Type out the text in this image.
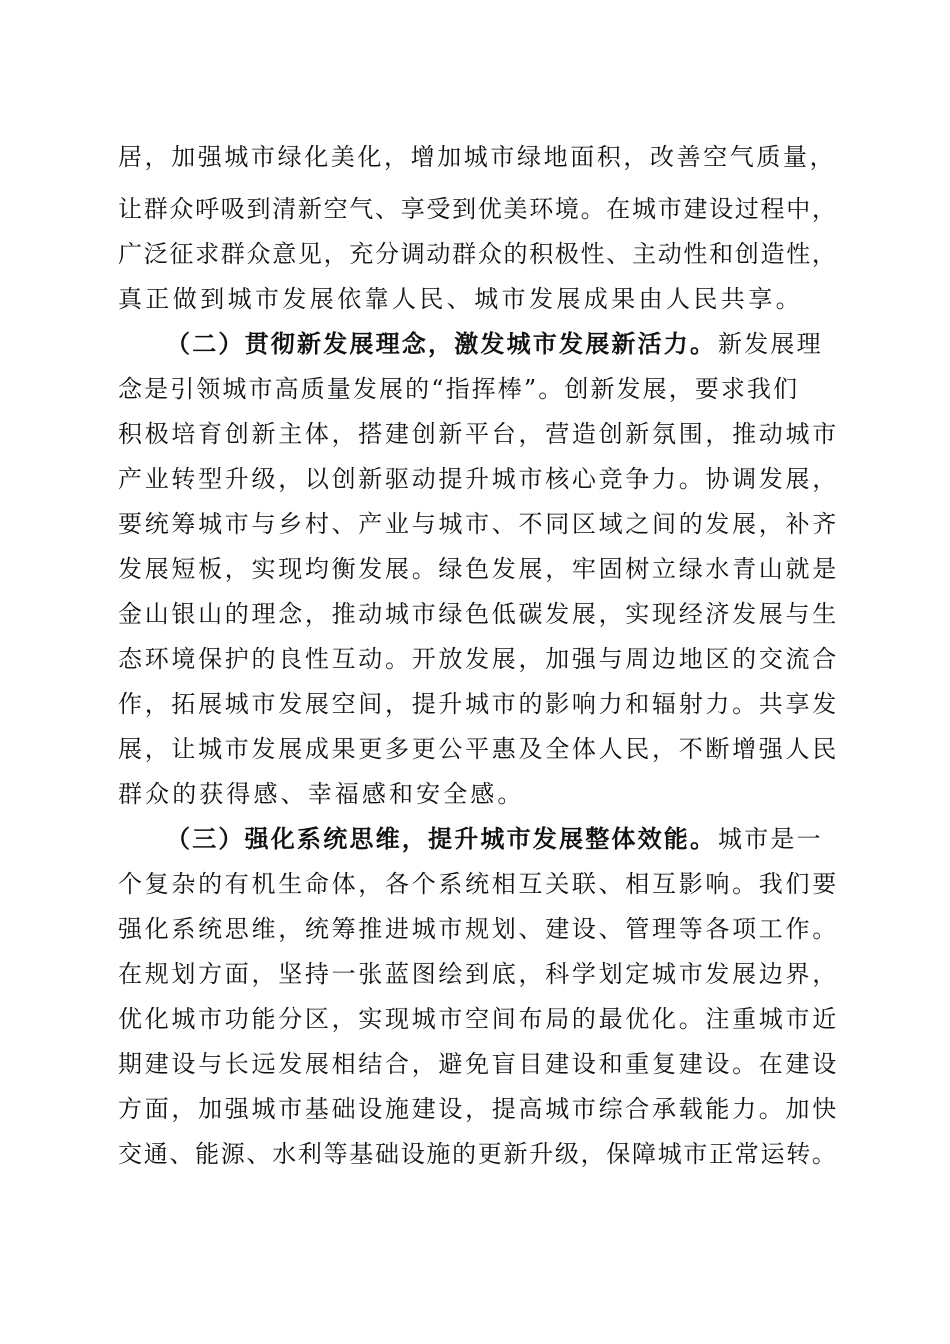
居，加强城市绿化美化，增加城市绿地面积，改善空气质量，
让群众呼吸到清新空气、享受到优美环境。在城市建设过程中，
广泛征求群众意见，充分调动群众的积极性、主动性和创造性，
真正做到城市发展依靠人民、城市发展成果由人民共享。
（二）贯彻新发展理念，激发城市发展新活力。 新发展理
念是引领城市高质量发展的“指挥棒”。创新发展，要求我们
积极培育创新主体，搭建创新平台，营造创新氛围，推动城市
产业转型升级，以创新驱动提升城市核心竞争力。协调发展，
要统筹城市与乡村、产业与城市、不同区域之间的发展，补齐
发展短板，实现均衡发展。绿色发展，牢固树立绿水青山就是
金山银山的理念，推动城市绿色低碳发展，实现经济发展与生
态环境保护的良性互动。开放发展，加强与周边地区的交流合
作，拓展城市发展空间，提升城市的影响力和辐射力。共享发
展，让城市发展成果更多更公平惠及全体人民，不断增强人民
群众的获得感、幸福感和安全感。
（三）强化系统思维，提升城市发展整体效能。 城市是一
个复杂的有机生命体，各个系统相互关联、相互影响。我们要
强化系统思维，统筹推进城市规划、建设、管理等各项工作。
在规划方面，坚持一张蓝图绘到底，科学划定城市发展边界，
优化城市功能分区，实现城市空间布局的最优化。注重城市近
期建设与长远发展相结合，避免盲目建设和重复建设。在建设
方面，加强城市基础设施建设，提高城市综合承载能力。加快
交通、能源、水利等基础设施的更新升级，保障城市正常运转。
